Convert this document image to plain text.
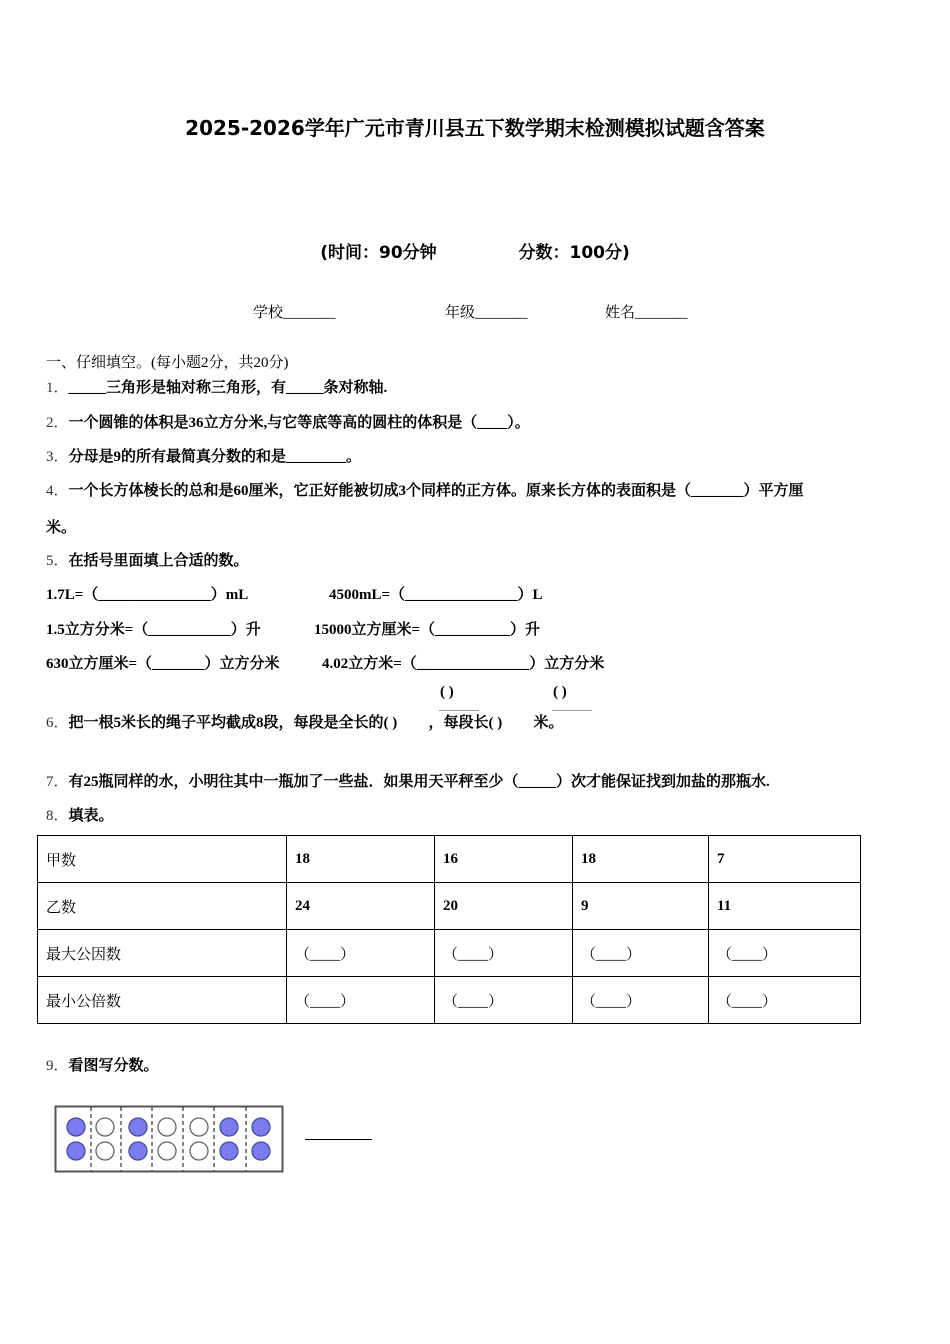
2025-2026学年广元市青川县五下数学期末检测模拟试题含答案
(时间：90分钟	分数：100分)
学校_______	年级_______	姓名_______
一、仔细填空。(每小题2分，共20分)
1．_____三角形是轴对称三角形，有_____条对称轴.
2．一个圆锥的体积是36立方分米,与它等底等高的圆柱的体积是（____）。
3．分母是9的所有最简真分数的和是________。
4．一个长方体棱长的总和是60厘米，它正好能被切成3个同样的正方体。原来长方体的表面积是（_______）平方厘
米。
5．在括号里面填上合适的数。
1.7L=（_______________）mL	4500mL=（_______________）L
1.5立方分米=（___________）升	15000立方厘米=（__________）升
630立方厘米=（_______）立方分米	4.02立方米=（_______________）立方分米
( )	( )
6．把一根5米长的绳子平均截成8段，每段是全长的( ) ，每段长( ) 米。
7．有25瓶同样的水，小明往其中一瓶加了一些盐．如果用天平秤至少（_____）次才能保证找到加盐的那瓶水.
8．填表。
甲数	18	16	18	7
乙数	24	20	9	11
最大公因数	（____）	（____）	（____）	（____）
最小公倍数	（____）	（____）	（____）	（____）
9．看图写分数。
